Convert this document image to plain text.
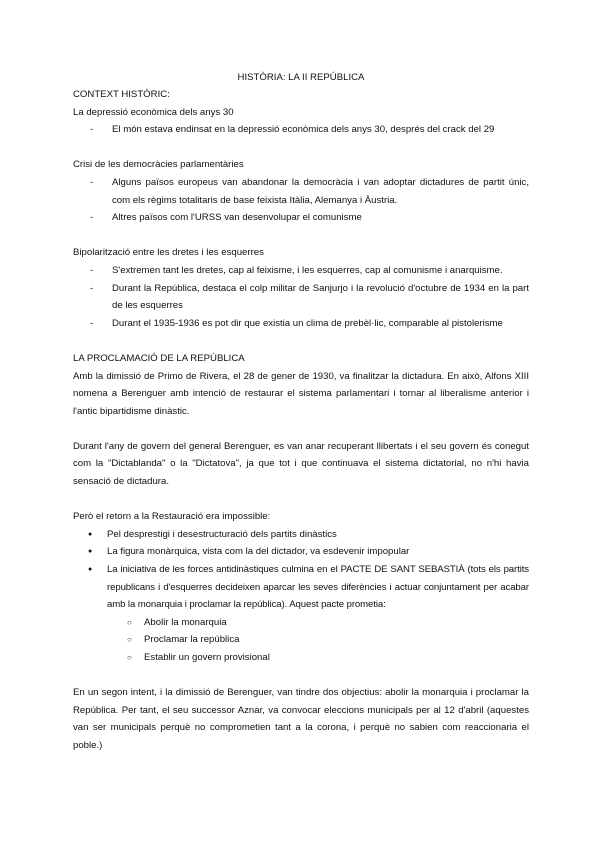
HISTÒRIA: LA II REPÚBLICA

CONTEXT HISTÒRIC:

La depressió econòmica dels anys 30

- El món estava endinsat en la depressió econòmica dels anys 30, després del crack del 29

Crisi de les democràcies parlamentàries

- Alguns països europeus van abandonar la democràcia i van adoptar dictadures de partit únic, com els règims totalitaris de base feixista Itàlia, Alemanya i Àustria.
- Altres països com l'URSS van desenvolupar el comunisme

Bipolarització entre les dretes i les esquerres

- S'extremen tant les dretes, cap al feixisme, i les esquerres, cap al comunisme i anarquisme.
- Durant la República, destaca el colp militar de Sanjurjo i la revolució d'octubre de 1934 en la part de les esquerres
- Durant el 1935-1936 es pot dir que existia un clima de prebèl·lic, comparable al pistolerisme

LA PROCLAMACIÓ DE LA REPÚBLICA

Amb la dimissió de Primo de Rivera, el 28 de gener de 1930, va finalitzar la dictadura. En això, Alfons XIII nomena a Berenguer amb intenció de restaurar el sistema parlamentari i tornar al liberalisme anterior i l'antic bipartidisme dinàstic.

Durant l'any de govern del general Berenguer, es van anar recuperant llibertats i el seu govern és conegut com la "Dictablanda" o la "Dictatova", ja que tot i que continuava el sistema dictatorial, no n'hi havia sensació de dictadura.

Però el retorn a la Restauració era impossible:

● Pel desprestigi i desestructuració dels partits dinàstics
● La figura monàrquica, vista com la del dictador, va esdevenir impopular
● La iniciativa de les forces antidinàstiques culmina en el PACTE DE SANT SEBASTIÀ (tots els partits republicans i d'esquerres decideixen aparcar les seves diferències i actuar conjuntament per acabar amb la monarquia i proclamar la república). Aquest pacte prometia:
○ Abolir la monarquia
○ Proclamar la república
○ Establir un govern provisional

En un segon intent, i la dimissió de Berenguer, van tindre dos objectius: abolir la monarquia i proclamar la República. Per tant, el seu successor Aznar, va convocar eleccions municipals per al 12 d'abril (aquestes van ser municipals perquè no comprometien tant a la corona, i perquè no sabien com reaccionaria el poble.)
